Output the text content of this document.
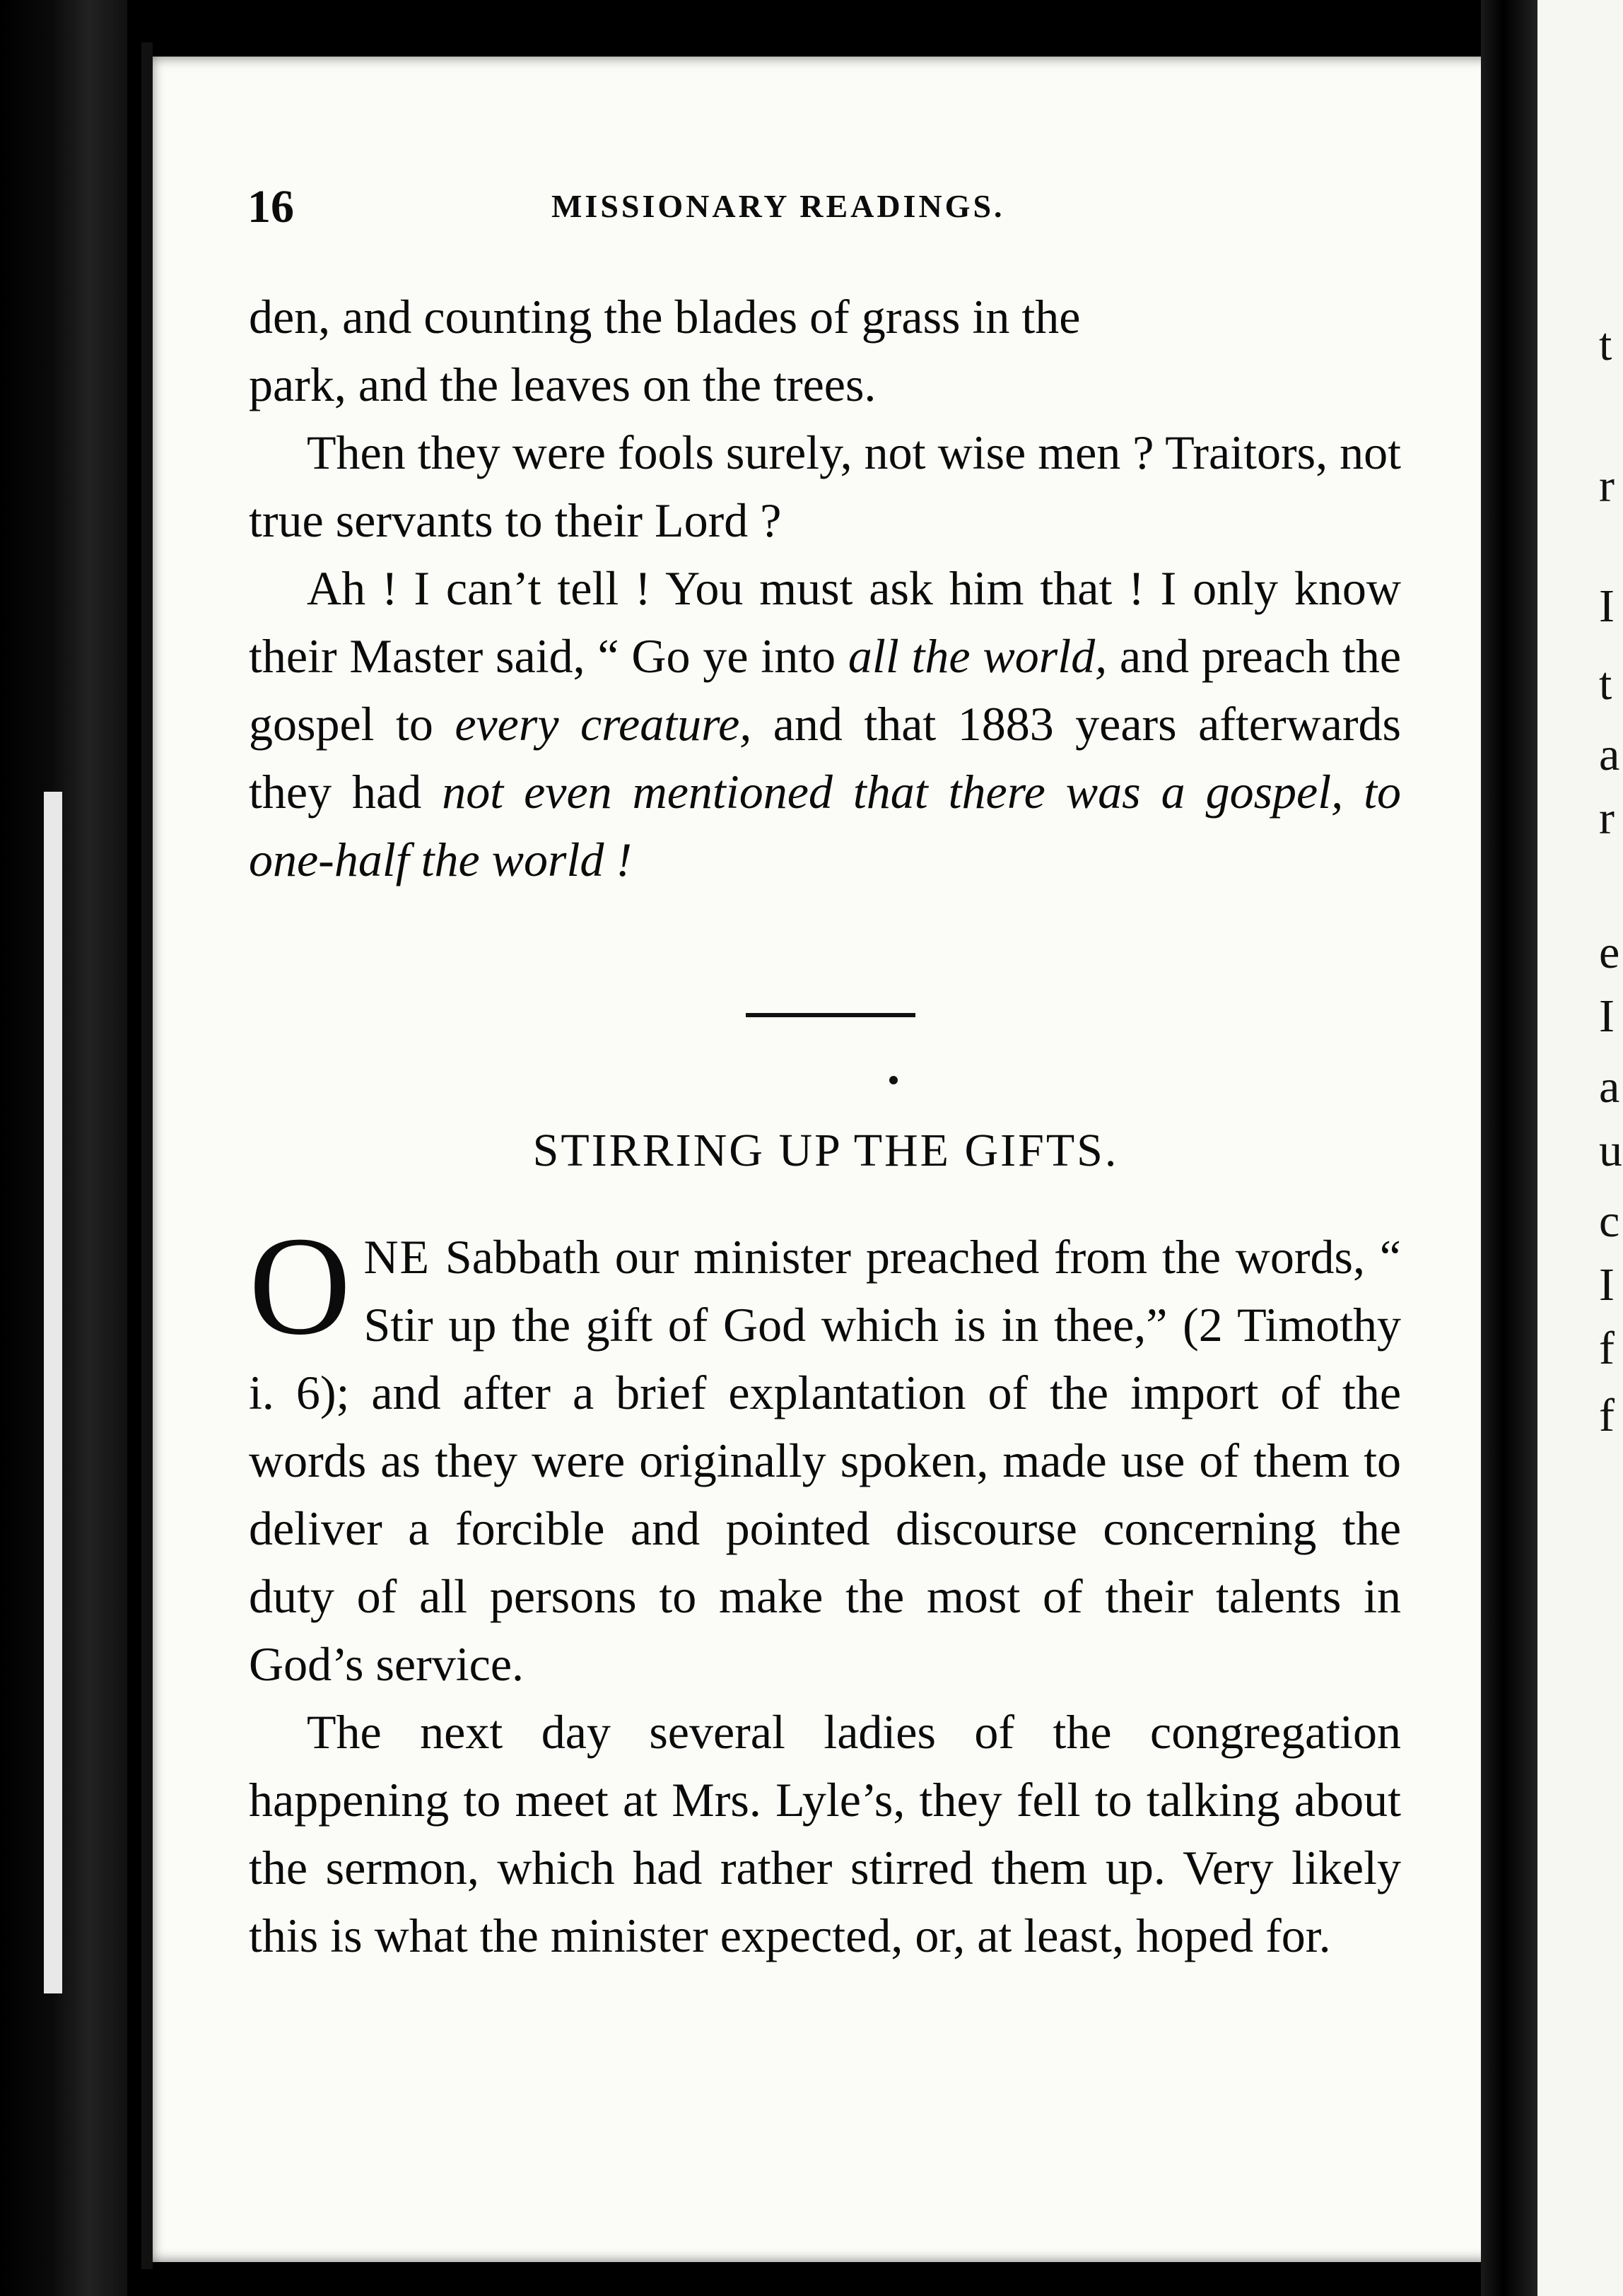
t
r
I
t
a
r
e
I
a
u
c
I
f
f
16	MISSIONARY READINGS.

den, and counting the blades of grass in the

park, and the leaves on the trees.

Then they were fools surely, not wise men ? Traitors, not true servants to their Lord ?

Ah ! I can’t tell ! You must ask him that ! I only know their Master said, “ Go ye into all the world, and preach the gospel to every creature, and that 1883 years afterwards they had not even mentioned that there was a gospel, to one-half the world !

STIRRING UP THE GIFTS.

ONE Sabbath our minister preached from the words, “ Stir up the gift of God which is in thee,” (2 Timothy i. 6); and after a brief explantation of the import of the words as they were originally spoken, made use of them to deliver a forcible and pointed discourse concerning the duty of all persons to make the most of their talents in God’s service.

The next day several ladies of the congregation happening to meet at Mrs. Lyle’s, they fell to talking about the sermon, which had rather stirred them up. Very likely this is what the minister expected, or, at least, hoped for.
